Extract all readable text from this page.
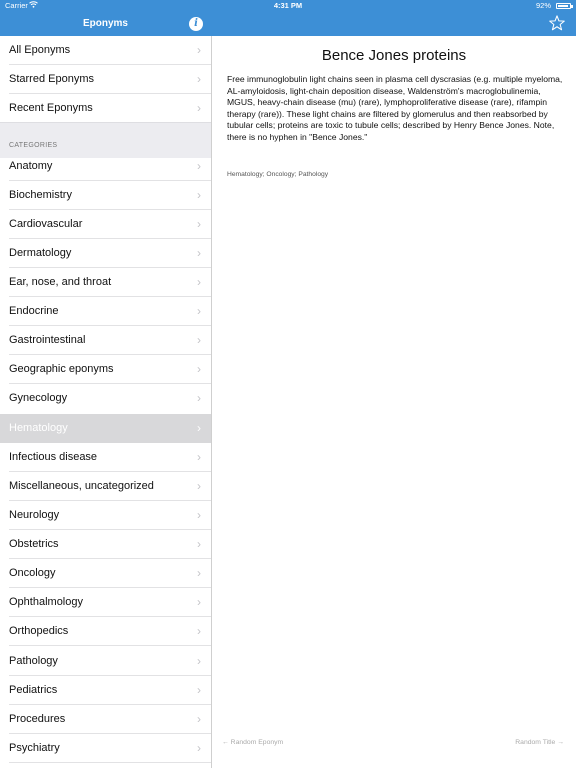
Carrier	4:31 PM	92%
Eponyms	i
All Eponyms	›
Starred Eponyms	›
Recent Eponyms	›
CATEGORIES
Anatomy	›
Biochemistry	›
Cardiovascular	›
Dermatology	›
Ear, nose, and throat	›
Endocrine	›
Gastrointestinal	›
Geographic eponyms	›
Gynecology	›
Hematology	›
Infectious disease	›
Miscellaneous, uncategorized	›
Neurology	›
Obstetrics	›
Oncology	›
Ophthalmology	›
Orthopedics	›
Pathology	›
Pediatrics	›
Procedures	›
Psychiatry	›
Bence Jones proteins
Free immunoglobulin light chains seen in plasma cell dyscrasias (e.g. multiple myeloma, AL-amyloidosis, light-chain deposition disease, Waldenström's macroglobulinemia, MGUS, heavy-chain disease (mu) (rare), lymphoproliferative disease (rare), rifampin therapy (rare)). These light chains are filtered by glomerulus and then reabsorbed by tubular cells; proteins are toxic to tubule cells; described by Henry Bence Jones. Note, there is no hyphen in "Bence Jones."
Hematology; Oncology; Pathology
← Random Eponym	Random Title →
